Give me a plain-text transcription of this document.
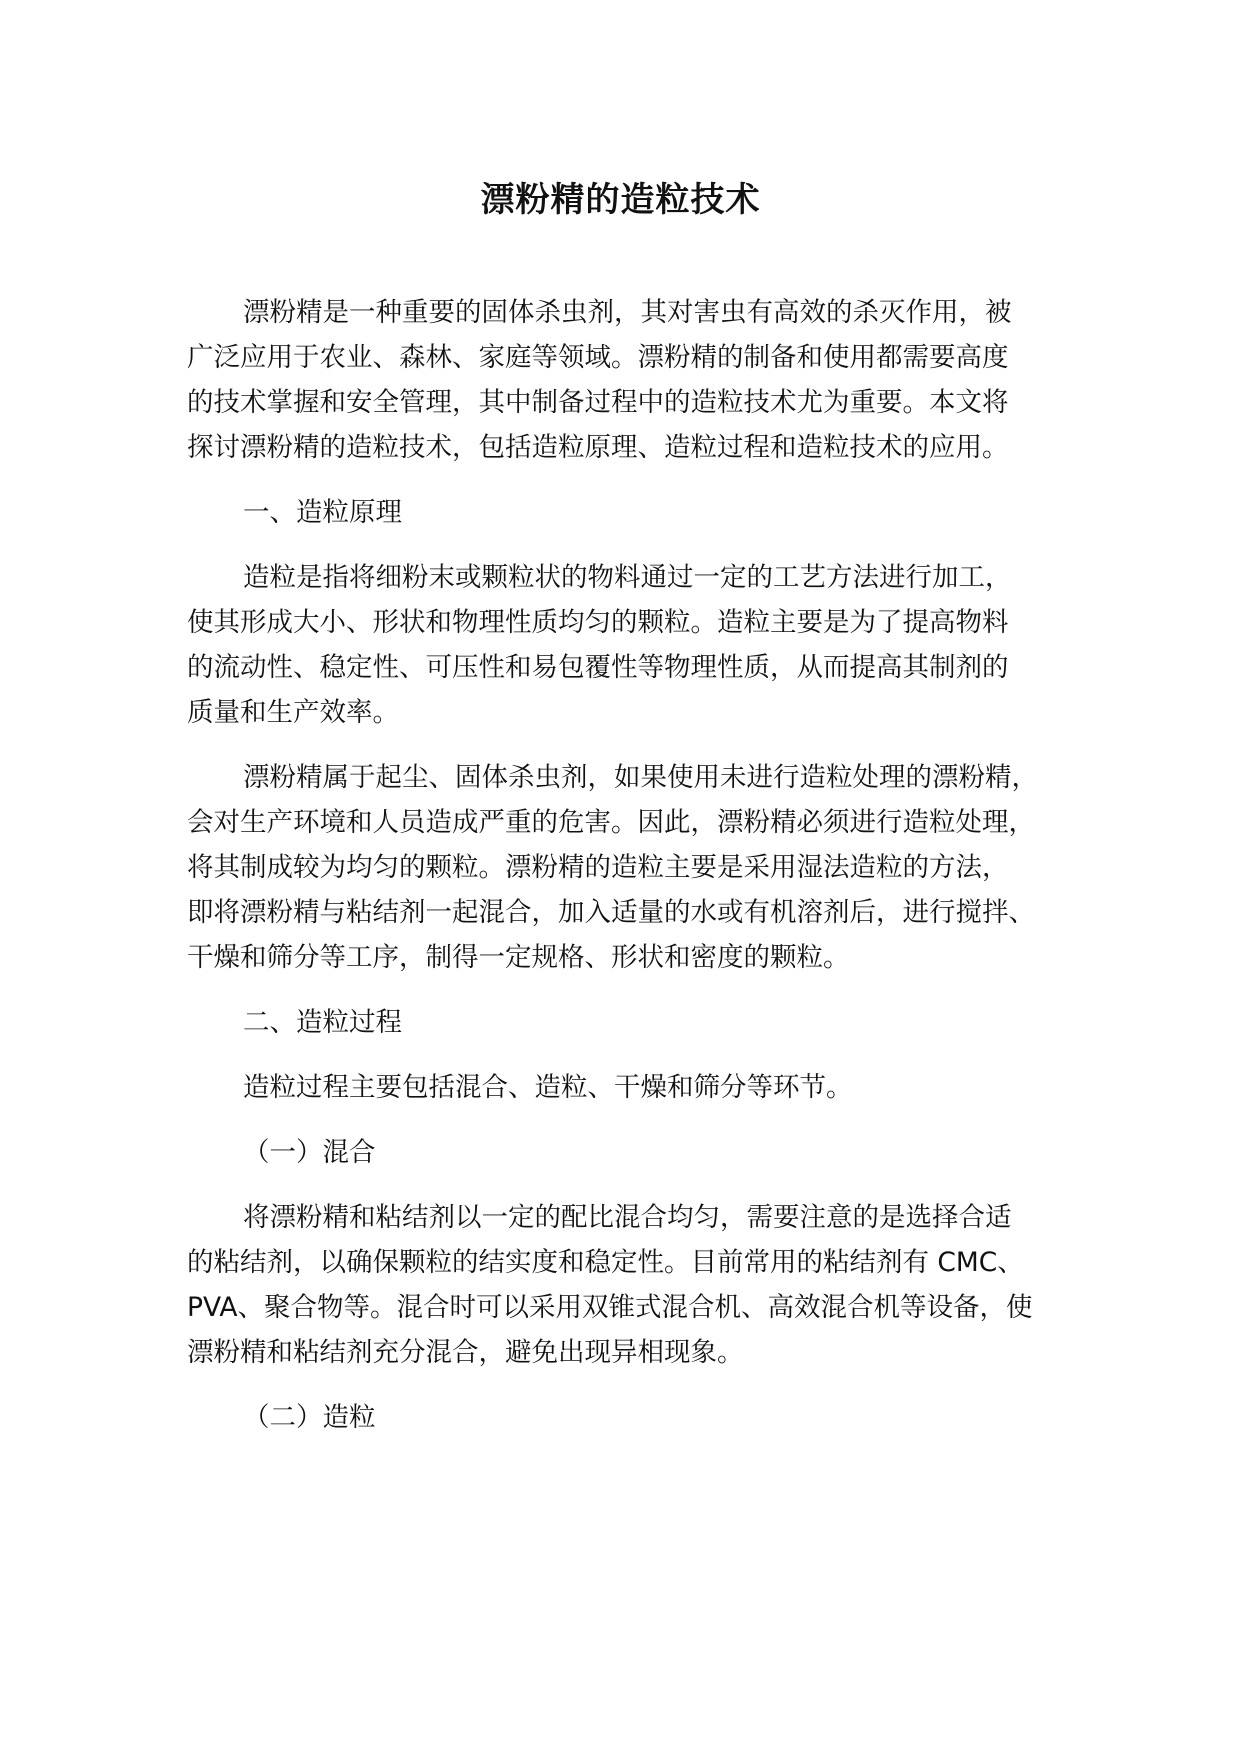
漂粉精的造粒技术
漂粉精是一种重要的固体杀虫剂，其对害虫有高效的杀灭作用，被
广泛应用于农业、森林、家庭等领域。漂粉精的制备和使用都需要高度
的技术掌握和安全管理，其中制备过程中的造粒技术尤为重要。本文将
探讨漂粉精的造粒技术，包括造粒原理、造粒过程和造粒技术的应用。
一、造粒原理
造粒是指将细粉末或颗粒状的物料通过一定的工艺方法进行加工，
使其形成大小、形状和物理性质均匀的颗粒。造粒主要是为了提高物料
的流动性、稳定性、可压性和易包覆性等物理性质，从而提高其制剂的
质量和生产效率。
漂粉精属于起尘、固体杀虫剂，如果使用未进行造粒处理的漂粉精，
会对生产环境和人员造成严重的危害。因此，漂粉精必须进行造粒处理，
将其制成较为均匀的颗粒。漂粉精的造粒主要是采用湿法造粒的方法，
即将漂粉精与粘结剂一起混合，加入适量的水或有机溶剂后，进行搅拌、
干燥和筛分等工序，制得一定规格、形状和密度的颗粒。
二、造粒过程
造粒过程主要包括混合、造粒、干燥和筛分等环节。
（一）混合
将漂粉精和粘结剂以一定的配比混合均匀，需要注意的是选择合适
的粘结剂，以确保颗粒的结实度和稳定性。目前常用的粘结剂有 CMC、
PVA、聚合物等。混合时可以采用双锥式混合机、高效混合机等设备，使
漂粉精和粘结剂充分混合，避免出现异相现象。
（二）造粒
